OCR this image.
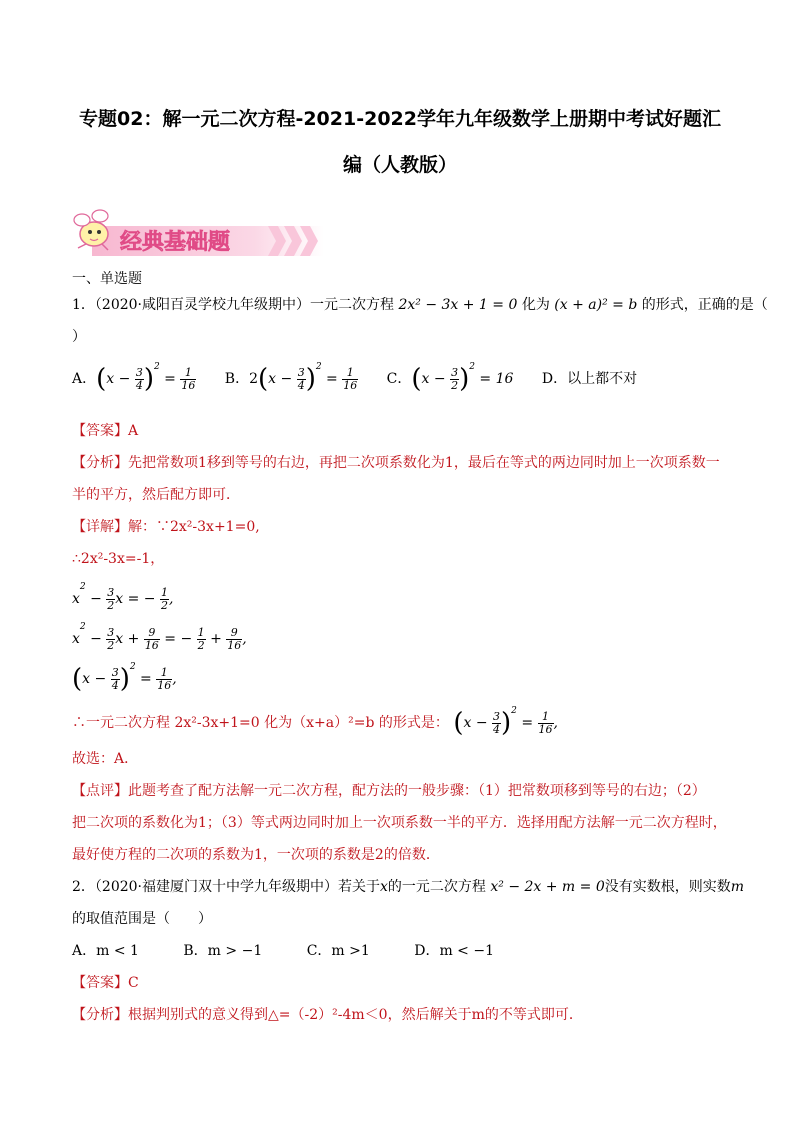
专题02：解一元二次方程-2021-2022学年九年级数学上册期中考试好题汇
编（人教版）
经典基础题
一、单选题
1．（2020·咸阳百灵学校九年级期中）一元二次方程 2x² − 3x + 1 = 0 化为 (x + a)² = b 的形式，正确的是（
）
A．$(x - \frac{3}{4} )^2 = \frac{1}{16}$ B．$2(x - \frac{3}{4} )^2 = \frac{1}{16}$ C．$(x - \frac{3}{2} )^2 = 16$ D．以上都不对
【答案】A
【分析】先把常数项1移到等号的右边，再把二次项系数化为1，最后在等式的两边同时加上一次项系数一
半的平方，然后配方即可．
【详解】解：∵2x²-3x+1=0,
∴2x²-3x=-1，
$x^2 - \frac{3}{2}$ x = − $\frac{1}{2}$ ,
$x^2 - \frac{3}{2}$ $x + \frac{9}{16}$ = − $\frac{1}{2} + \frac{9}{16}$ ,
$(x - \frac{3}{4} )^2 = \frac{1}{16}$ ,
∴一元二次方程 2x²-3x+1=0 化为（x+a）²=b 的形式是： $(x - \frac{3}{4} )^2 = \frac{1}{16}$ ,
故选：A．
【点评】此题考查了配方法解一元二次方程，配方法的一般步骤：（1）把常数项移到等号的右边；（2）
把二次项的系数化为1；（3）等式两边同时加上一次项系数一半的平方．选择用配方法解一元二次方程时，
最好使方程的二次项的系数为1，一次项的系数是2的倍数．
2．（2020·福建厦门双十中学九年级期中）若关于x的一元二次方程 x² − 2x + m = 0没有实数根，则实数m
的取值范围是（　　）
A．m < 1	B．m > −1	C．m >1	D．m < −1
【答案】C
【分析】根据判别式的意义得到△=（-2）²-4m＜0，然后解关于m的不等式即可．
